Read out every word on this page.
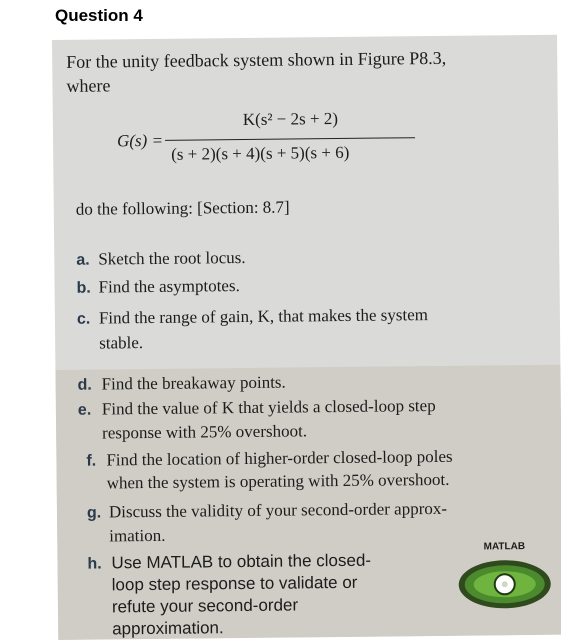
Question 4
For the unity feedback system shown in Figure P8.3,
where
G(s) =
K(s² − 2s + 2)
(s + 2)(s + 4)(s + 5)(s + 6)
do the following: [Section: 8.7]
a. Sketch the root locus.
b. Find the asymptotes.
c. Find the range of gain, K, that makes the system
stable.
d. Find the breakaway points.
e. Find the value of K that yields a closed-loop step
response with 25% overshoot.
f. Find the location of higher-order closed-loop poles
when the system is operating with 25% overshoot.
g. Discuss the validity of your second-order approx-
imation.
h. Use MATLAB to obtain the closed-
loop step response to validate or
refute your second-order
approximation.
MATLAB
